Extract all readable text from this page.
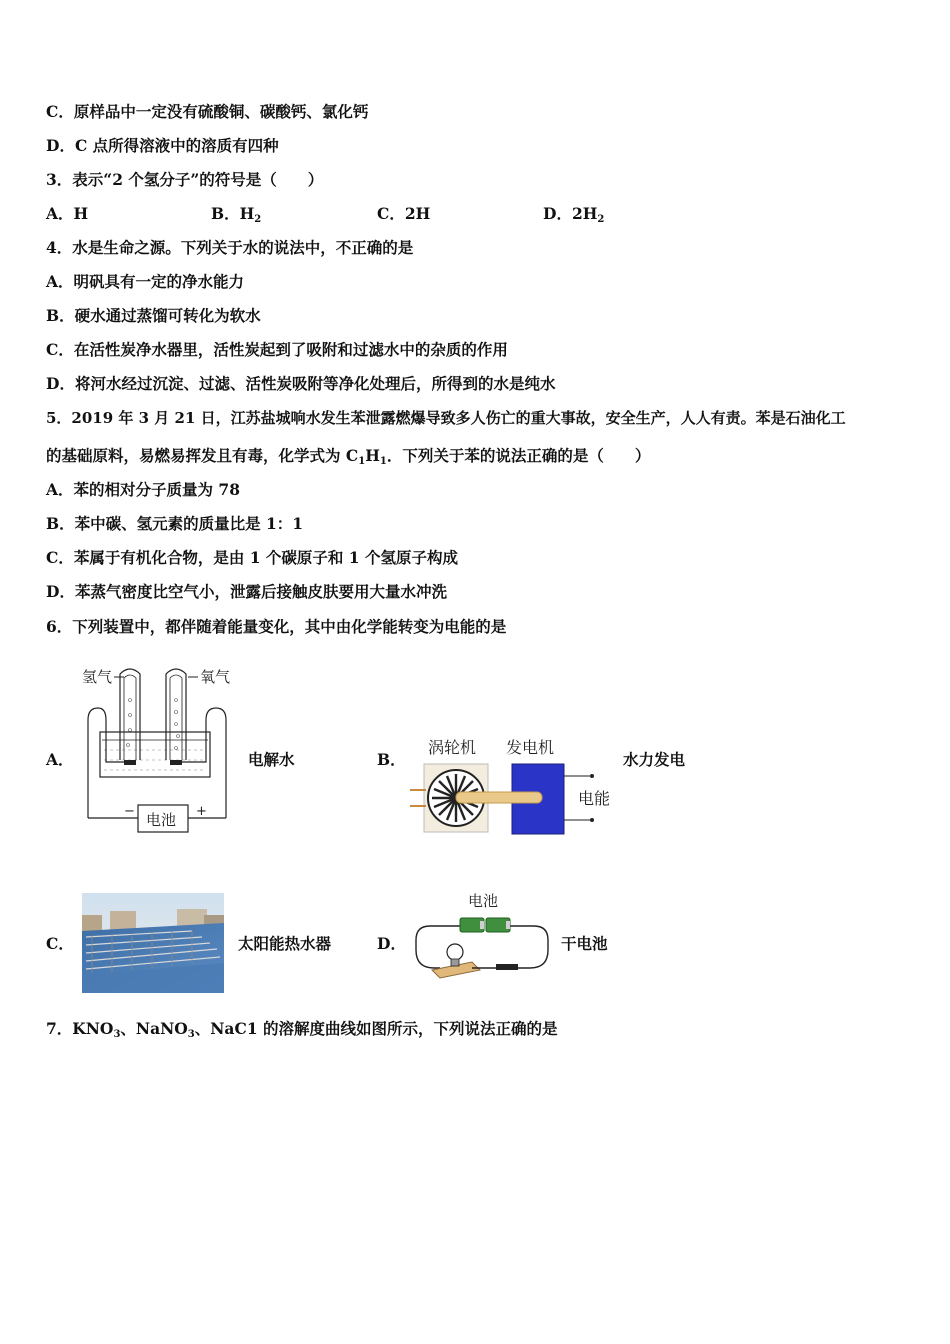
C．原样品中一定没有硫酸铜、碳酸钙、氯化钙
D．C 点所得溶液中的溶质有四种
3．表示“2 个氢分子”的符号是（　　）
A．H	B．$H_2$	C．2H	D．$2H_2$
4．水是生命之源。下列关于水的说法中，不正确的是
A．明矾具有一定的净水能力
B．硬水通过蒸馏可转化为软水
C．在活性炭净水器里，活性炭起到了吸附和过滤水中的杂质的作用
D．将河水经过沉淀、过滤、活性炭吸附等净化处理后，所得到的水是纯水
5．2019 年 3 月 21 日，江苏盐城响水发生苯泄露燃爆导致多人伤亡的重大事故，安全生产，人人有责。苯是石油化工
的基础原料，易燃易挥发且有毒，化学式为 $C_1H_1$．下列关于苯的说法正确的是（　　）
A．苯的相对分子质量为 78
B．苯中碳、氢元素的质量比是 1：1
C．苯属于有机化合物，是由 1 个碳原子和 1 个氢原子构成
D．苯蒸气密度比空气小，泄露后接触皮肤要用大量水冲洗
6．下列装置中，都伴随着能量变化，其中由化学能转变为电能的是
A．
氢气	氧气
电池
−	+
电解水	B．
涡轮机 发电机
电能
水力发电
C．	太阳能热水器	D．
电池
干电池
7．$KNO_3$、NaNO$_3$、NaC1 的溶解度曲线如图所示，下列说法正确的是
